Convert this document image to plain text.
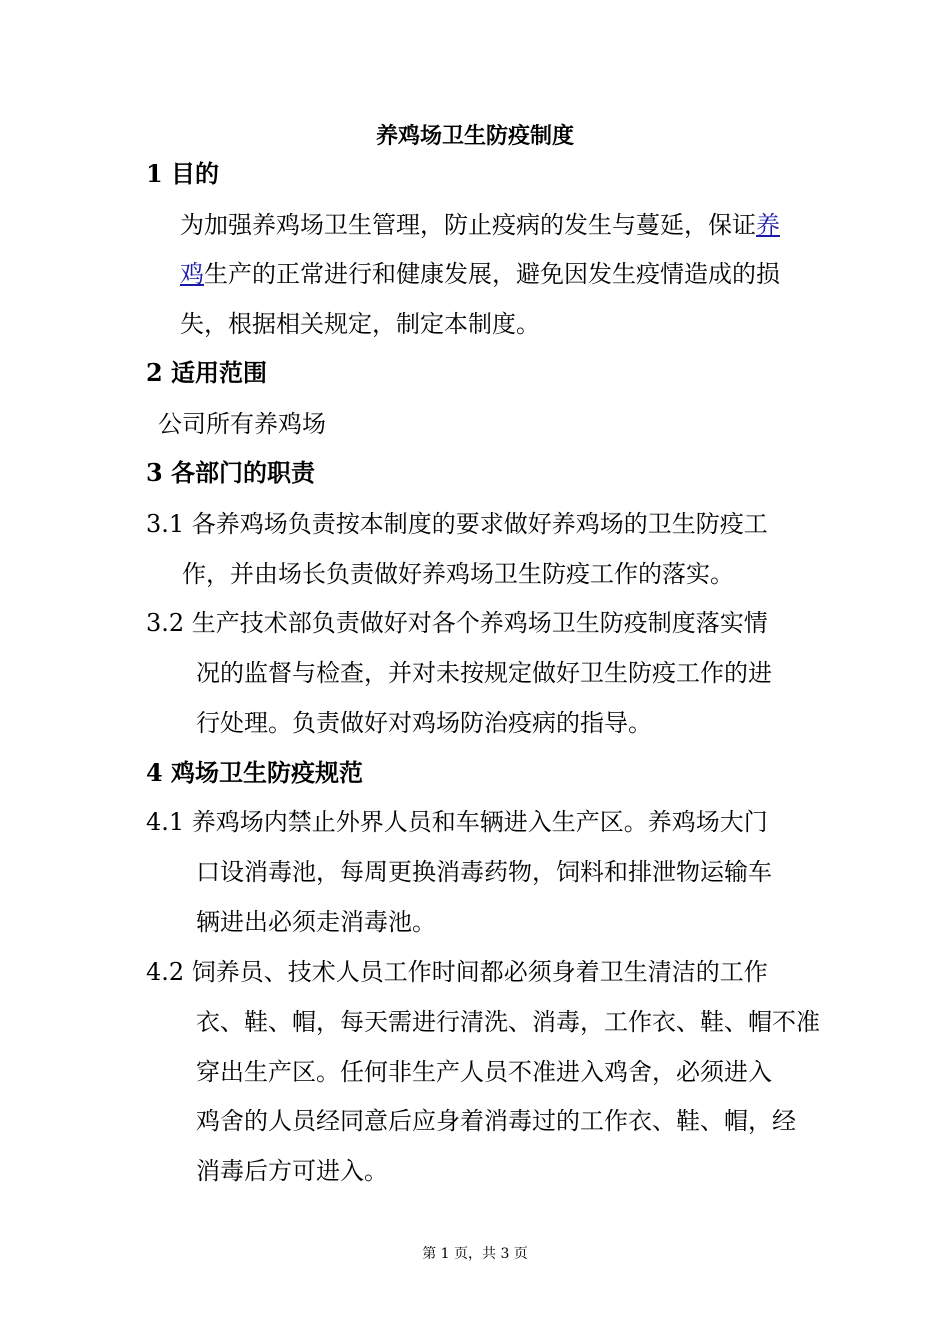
养鸡场卫生防疫制度
1 目的
为加强养鸡场卫生管理，防止疫病的发生与蔓延，保证养
鸡生产的正常进行和健康发展，避免因发生疫情造成的损
失，根据相关规定，制定本制度。
2 适用范围
公司所有养鸡场
3 各部门的职责
3.1 各养鸡场负责按本制度的要求做好养鸡场的卫生防疫工
作，并由场长负责做好养鸡场卫生防疫工作的落实。
3.2 生产技术部负责做好对各个养鸡场卫生防疫制度落实情
况的监督与检查，并对未按规定做好卫生防疫工作的进
行处理。负责做好对鸡场防治疫病的指导。
4 鸡场卫生防疫规范
4.1 养鸡场内禁止外界人员和车辆进入生产区。养鸡场大门
口设消毒池，每周更换消毒药物，饲料和排泄物运输车
辆进出必须走消毒池。
4.2 饲养员、技术人员工作时间都必须身着卫生清洁的工作
衣、鞋、帽，每天需进行清洗、消毒，工作衣、鞋、帽不准
穿出生产区。任何非生产人员不准进入鸡舍，必须进入
鸡舍的人员经同意后应身着消毒过的工作衣、鞋、帽，经
消毒后方可进入。
第 1 页，共 3 页
